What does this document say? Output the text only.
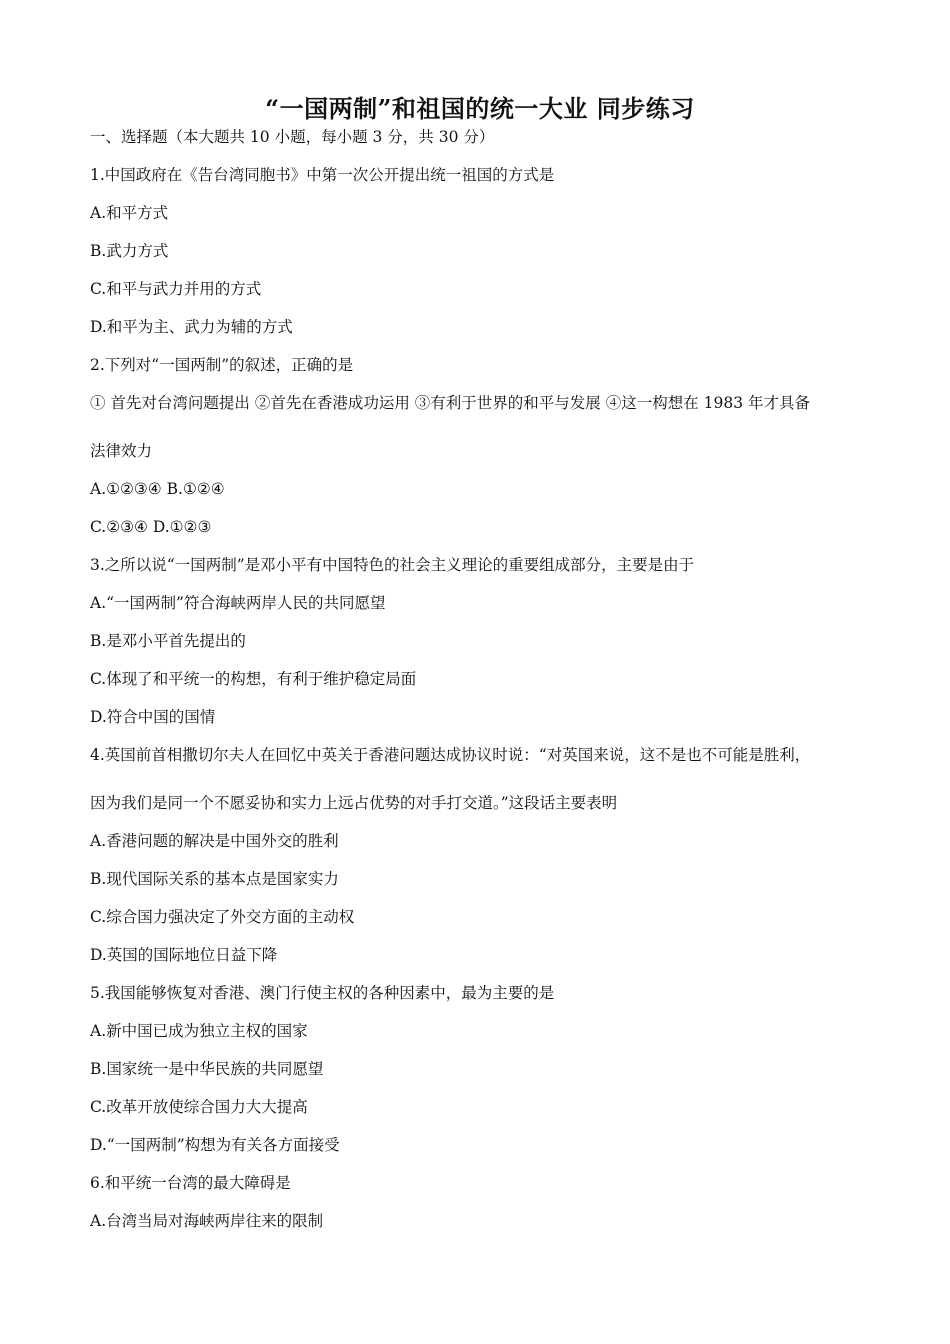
“一国两制”和祖国的统一大业 同步练习
一、选择题（本大题共 10 小题，每小题 3 分，共 30 分）
1.中国政府在《告台湾同胞书》中第一次公开提出统一祖国的方式是
A.和平方式
B.武力方式
C.和平与武力并用的方式
D.和平为主、武力为辅的方式
2.下列对“一国两制”的叙述，正确的是
① 首先对台湾问题提出 ②首先在香港成功运用 ③有利于世界的和平与发展 ④这一构想在 1983 年才具备
法律效力
A.①②③④ B.①②④
C.②③④ D.①②③
3.之所以说“一国两制”是邓小平有中国特色的社会主义理论的重要组成部分，主要是由于
A.“一国两制”符合海峡两岸人民的共同愿望
B.是邓小平首先提出的
C.体现了和平统一的构想，有利于维护稳定局面
D.符合中国的国情
4.英国前首相撒切尔夫人在回忆中英关于香港问题达成协议时说：“对英国来说，这不是也不可能是胜利，
因为我们是同一个不愿妥协和实力上远占优势的对手打交道。”这段话主要表明
A.香港问题的解决是中国外交的胜利
B.现代国际关系的基本点是国家实力
C.综合国力强决定了外交方面的主动权
D.英国的国际地位日益下降
5.我国能够恢复对香港、澳门行使主权的各种因素中，最为主要的是
A.新中国已成为独立主权的国家
B.国家统一是中华民族的共同愿望
C.改革开放使综合国力大大提高
D.“一国两制”构想为有关各方面接受
6.和平统一台湾的最大障碍是
A.台湾当局对海峡两岸往来的限制
